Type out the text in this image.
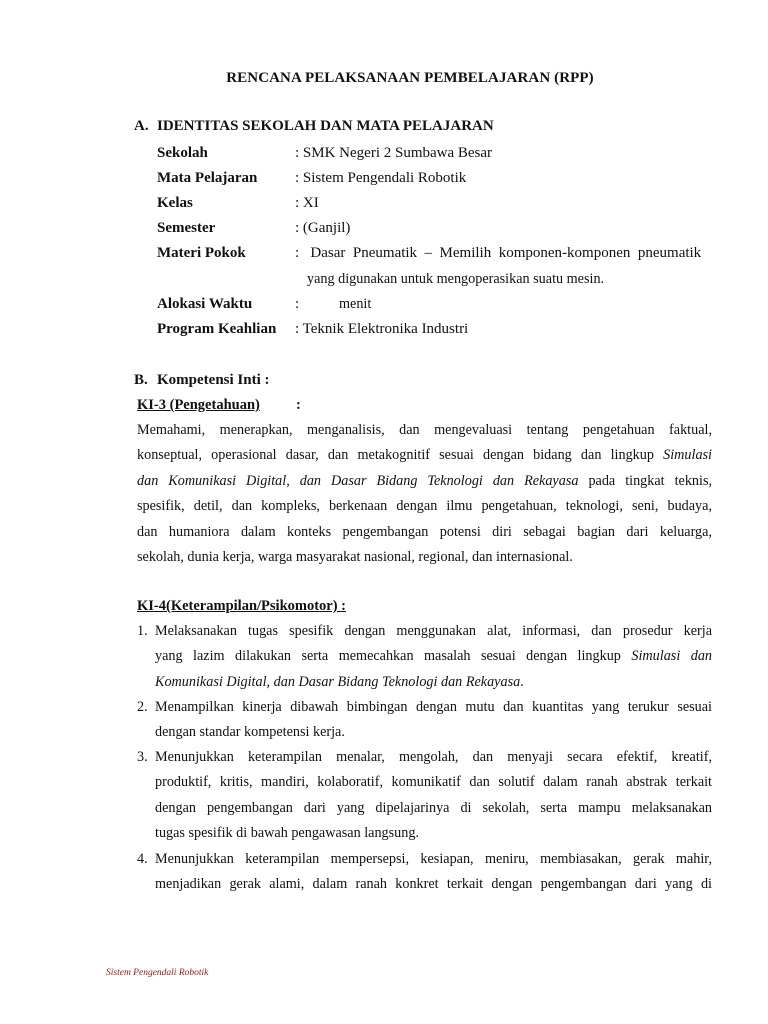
RENCANA PELAKSANAAN PEMBELAJARAN (RPP)
A. IDENTITAS SEKOLAH DAN MATA PELAJARAN
Sekolah	: SMK Negeri 2 Sumbawa Besar
Mata Pelajaran	: Sistem Pengendali Robotik
Kelas	: XI
Semester	: (Ganjil)
Materi Pokok	:   Dasar  Pneumatik  –  Memilih  komponen-komponen  pneumatik
yang digunakan untuk mengoperasikan suatu mesin.
Alokasi Waktu	:	menit
Program Keahlian : Teknik Elektronika Industri
B. Kompetensi Inti :
KI-3 (Pengetahuan) :
Memahami, menerapkan, menganalisis, dan mengevaluasi tentang pengetahuan faktual,
konseptual, operasional dasar, dan metakognitif sesuai dengan bidang dan lingkup Simulasi
dan Komunikasi Digital, dan Dasar Bidang Teknologi dan Rekayasa pada tingkat teknis,
spesifik, detil, dan kompleks, berkenaan dengan ilmu pengetahuan, teknologi, seni, budaya,
dan humaniora dalam konteks pengembangan potensi diri sebagai bagian dari keluarga,
sekolah, dunia kerja, warga masyarakat nasional, regional, dan internasional.
KI-4(Keterampilan/Psikomotor) :
1. Melaksanakan tugas spesifik dengan menggunakan alat, informasi, dan prosedur kerja
yang lazim dilakukan serta memecahkan masalah sesuai dengan lingkup Simulasi dan
Komunikasi Digital, dan Dasar Bidang Teknologi dan Rekayasa.
2. Menampilkan kinerja dibawah bimbingan dengan mutu dan kuantitas yang terukur sesuai
dengan standar kompetensi kerja.
3. Menunjukkan keterampilan menalar, mengolah, dan menyaji secara efektif, kreatif,
produktif, kritis, mandiri, kolaboratif, komunikatif dan solutif dalam ranah abstrak terkait
dengan pengembangan dari yang dipelajarinya di sekolah, serta mampu melaksanakan
tugas spesifik di bawah pengawasan langsung.
4. Menunjukkan keterampilan mempersepsi, kesiapan, meniru, membiasakan, gerak mahir,
menjadikan gerak alami, dalam ranah konkret terkait dengan pengembangan dari yang di
Sistem Pengendali Robotik
